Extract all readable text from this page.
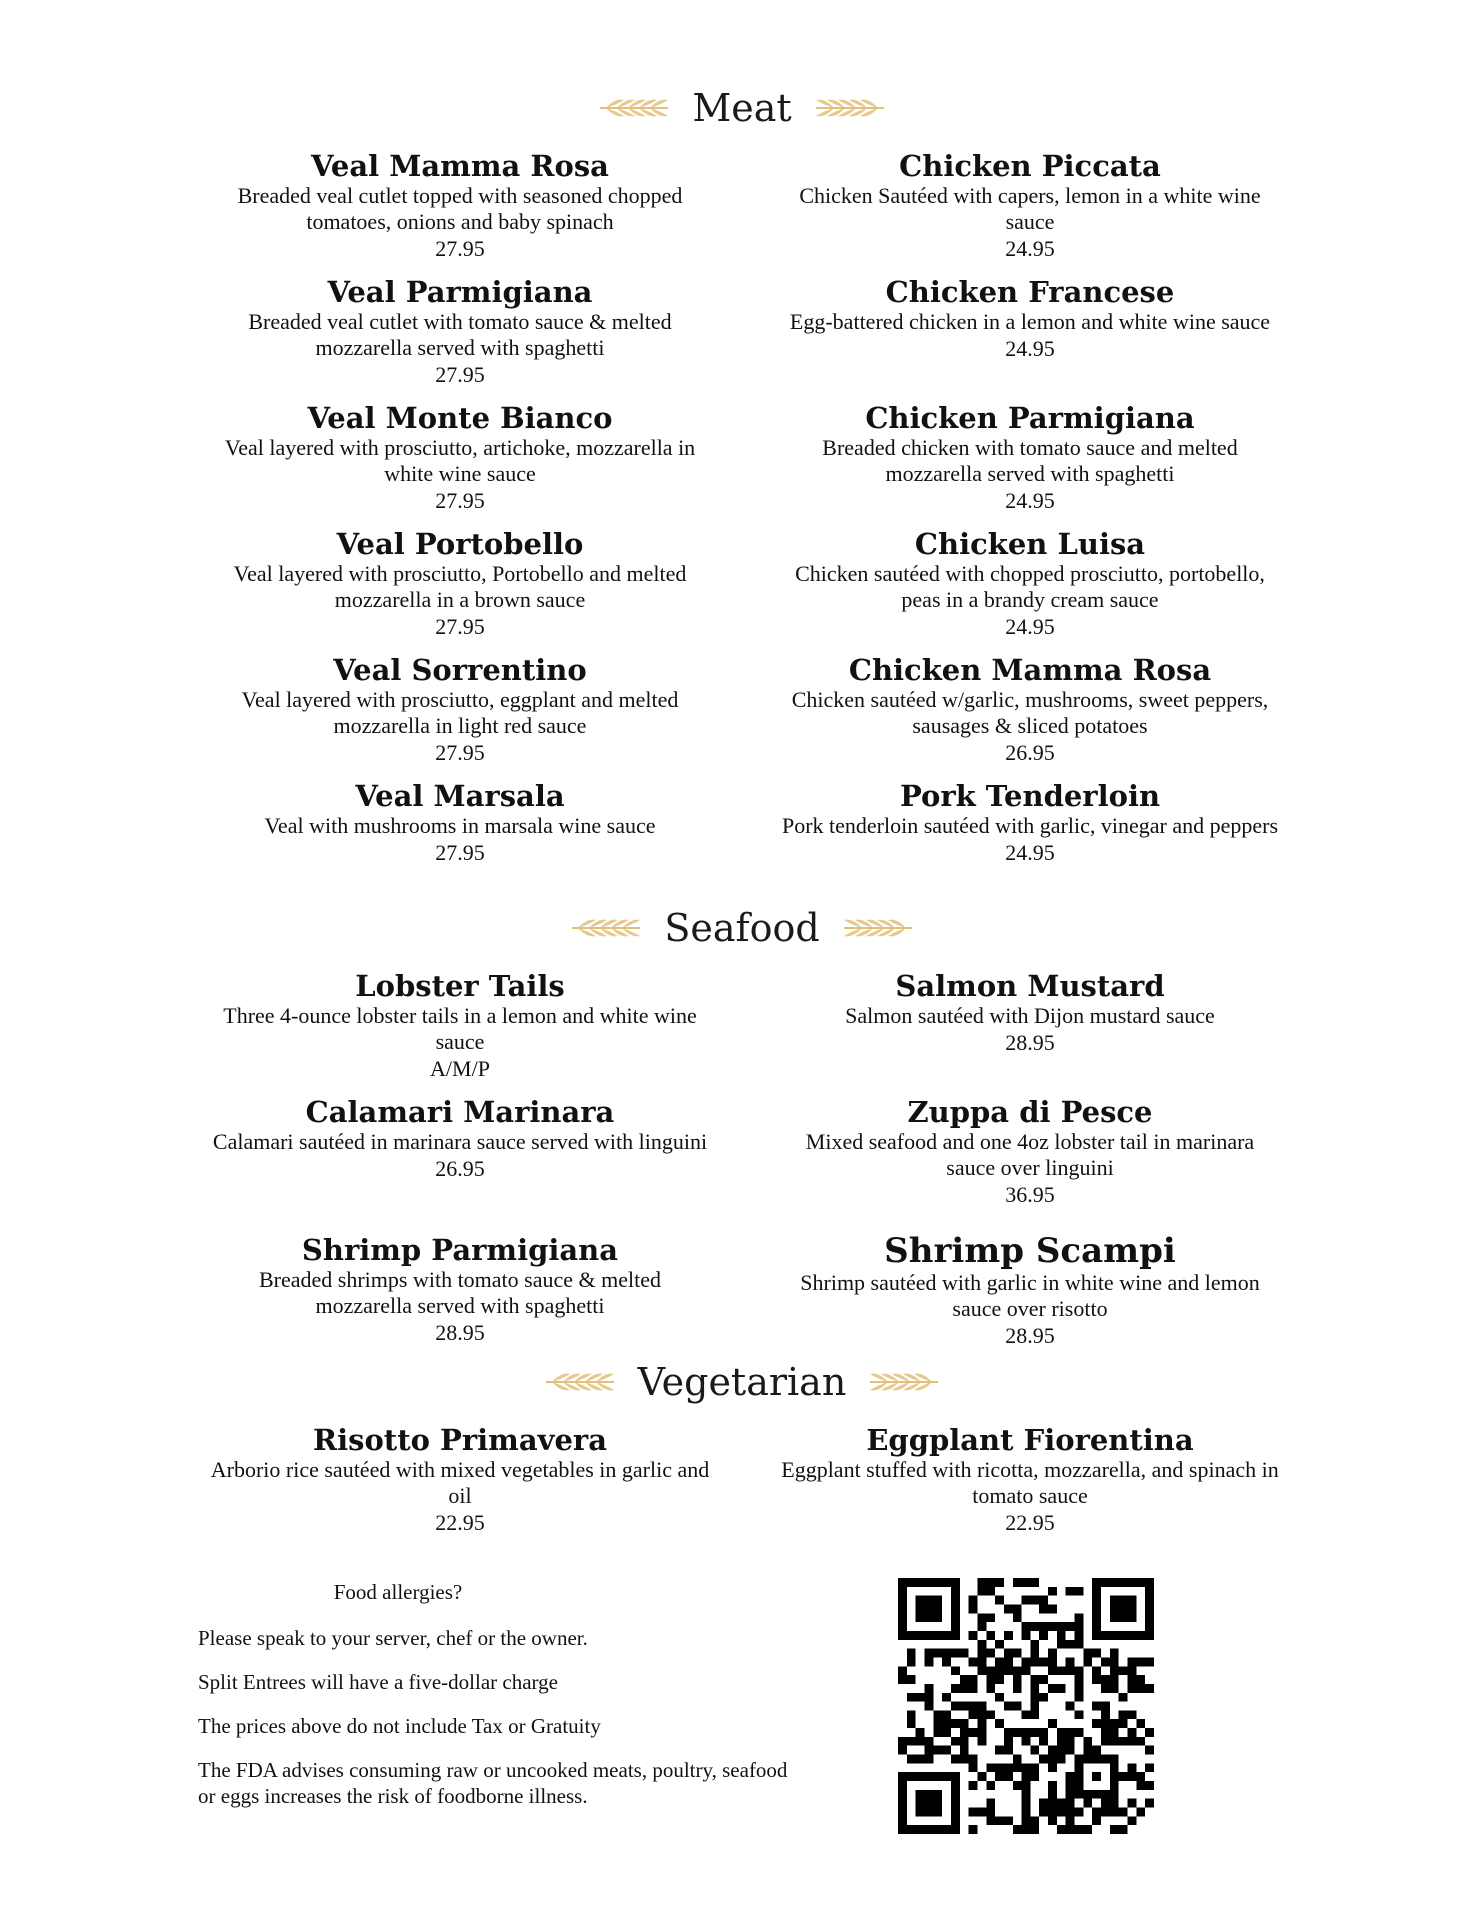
Meat
Seafood
Vegetarian
Veal Mamma Rosa
Breaded veal cutlet topped with seasoned chopped tomatoes, onions and baby spinach
27.95
Veal Parmigiana
Breaded veal cutlet with tomato sauce & melted mozzarella served with spaghetti
27.95
Veal Monte Bianco
Veal layered with prosciutto, artichoke, mozzarella in white wine sauce
27.95
Veal Portobello
Veal layered with prosciutto, Portobello and melted mozzarella in a brown sauce
27.95
Veal Sorrentino
Veal layered with prosciutto, eggplant and melted mozzarella in light red sauce
27.95
Veal Marsala
Veal with mushrooms in marsala wine sauce
27.95
Chicken Piccata
Chicken Sautéed with capers, lemon in a white wine sauce
24.95
Chicken Francese
Egg-battered chicken in a lemon and white wine sauce
24.95
Chicken Parmigiana
Breaded chicken with tomato sauce and melted mozzarella served with spaghetti
24.95
Chicken Luisa
Chicken sautéed with chopped prosciutto, portobello, peas in a brandy cream sauce
24.95
Chicken Mamma Rosa
Chicken sautéed w/garlic, mushrooms, sweet peppers, sausages & sliced potatoes
26.95
Pork Tenderloin
Pork tenderloin sautéed with garlic, vinegar and peppers
24.95
Lobster Tails
Three 4-ounce lobster tails in a lemon and white wine sauce
A/M/P
Calamari Marinara
Calamari sautéed in marinara sauce served with linguini
26.95
Shrimp Parmigiana
Breaded shrimps with tomato sauce & melted mozzarella served with spaghetti
28.95
Salmon Mustard
Salmon sautéed with Dijon mustard sauce
28.95
Zuppa di Pesce
Mixed seafood and one 4oz lobster tail in marinara sauce over linguini
36.95
Shrimp Scampi
Shrimp sautéed with garlic in white wine and lemon sauce over risotto
28.95
Risotto Primavera
Arborio rice sautéed with mixed vegetables in garlic and oil
22.95
Eggplant Fiorentina
Eggplant stuffed with ricotta, mozzarella, and spinach in tomato sauce
22.95
Food allergies?

Please speak to your server, chef or the owner.

Split Entrees will have a five-dollar charge

The prices above do not include Tax or Gratuity

The FDA advises consuming raw or uncooked meats, poultry, seafood or eggs increases the risk of foodborne illness.
